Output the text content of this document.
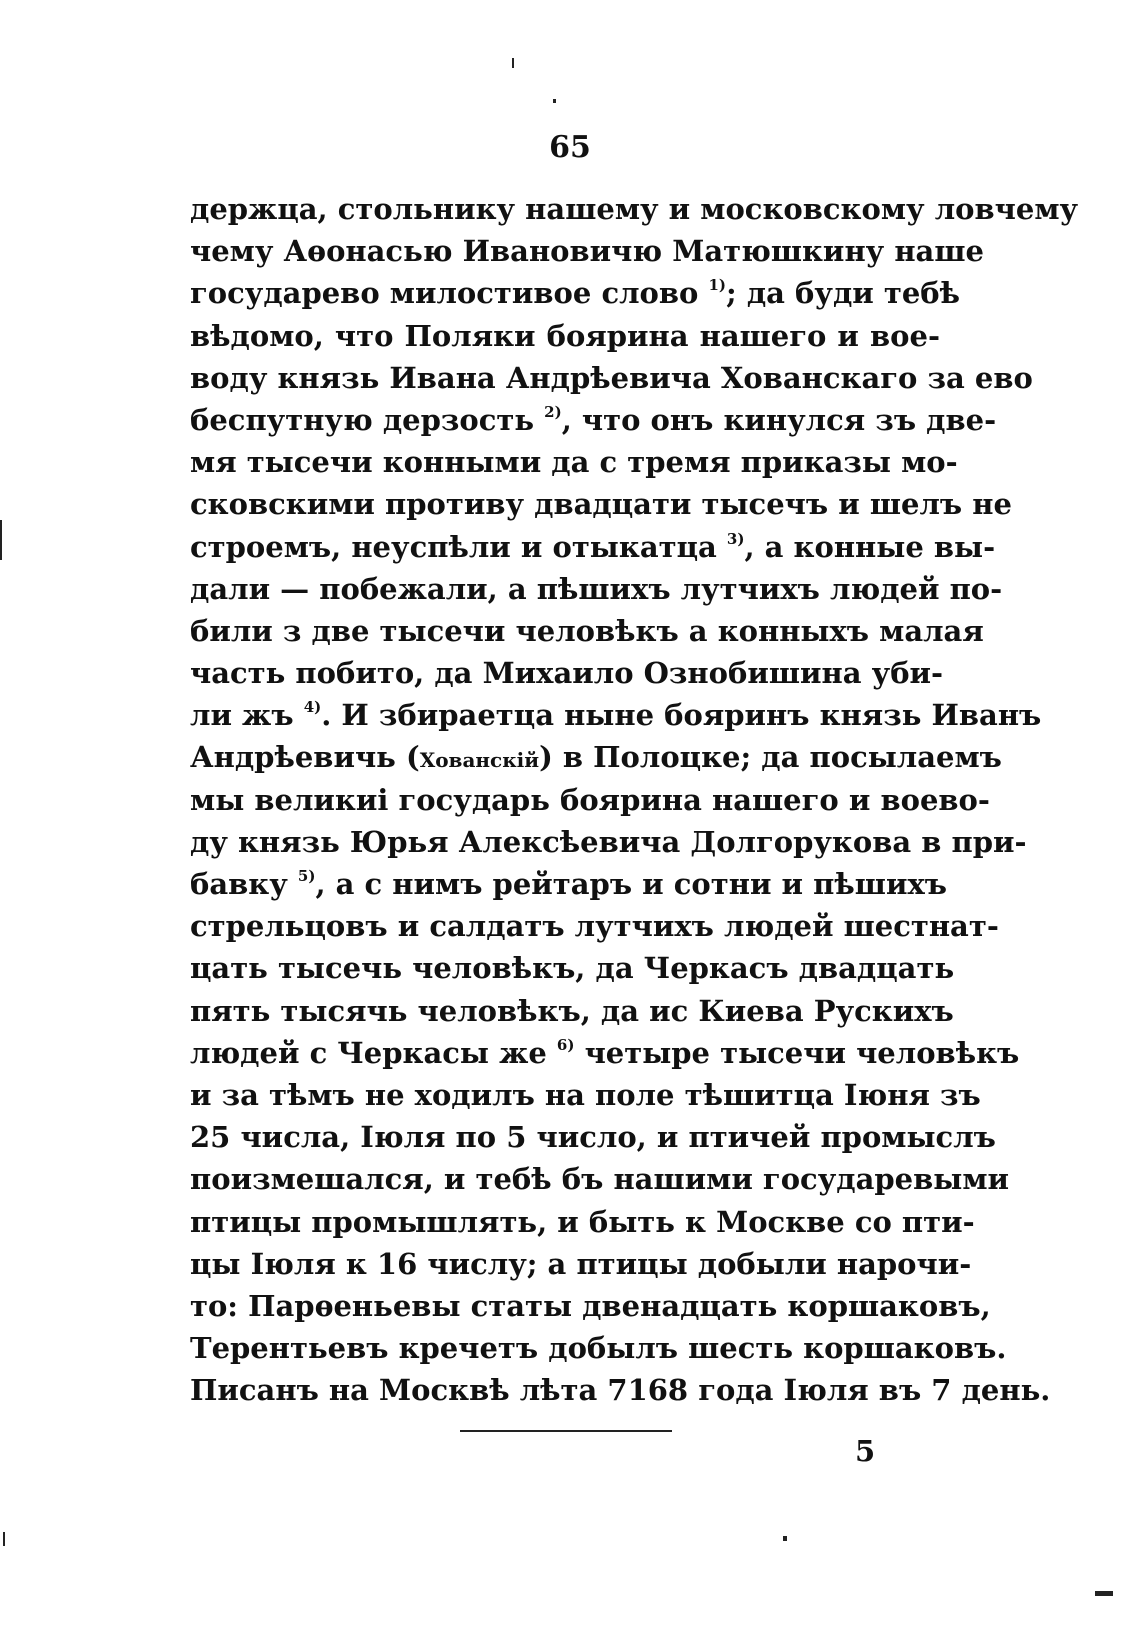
65
держца, стольнику нашему и московскому ловчему
чему Аѳонасью Ивановичю Матюшкину наше
государево милостивое слово $^{1)}$; да буди тебѣ
вѣдомо, что Поляки боярина нашего и вое-
воду князь Ивана Андрѣевича Хованскаго за ево
беспутную дерзость $^{2)}$, что онъ кинулся зъ две-
мя тысечи конными да с тремя приказы мо-
сковскими противу двадцати тысечъ и шелъ не
строемъ, неуспѣли и отыкатца $^{3)}$, а конные вы-
дали — побежали, а пѣшихъ лутчихъ людей по-
били з две тысечи человѣкъ а конныхъ малая
часть побито, да Михаило Ознобишина уби-
ли жъ $^{4)}$. И збираетца ныне бояринъ князь Иванъ
Андрѣевичь (Хованскій) в Полоцке; да посылаемъ
мы великиі государь боярина нашего и воево-
ду князь Юрья Алексѣевича Долгорукова в при-
бавку $^{5)}$, а с нимъ рейтаръ и сотни и пѣшихъ
стрельцовъ и салдатъ лутчихъ людей шестнат-
цать тысечь человѣкъ, да Черкасъ двадцать
пять тысячь человѣкъ, да ис Киева Рускихъ
людей с Черкасы же $^{6)}$ четыре тысечи человѣкъ
и за тѣмъ не ходилъ на поле тѣшитца Іюня зъ
25 числа, Іюля по 5 число, и птичей промыслъ
поизмешался, и тебѣ бъ нашими государевыми
птицы промышлять, и быть к Москве со пти-
цы Іюля к 16 числу; а птицы добыли нарочи-
то: Парѳеньевы статы двенадцать коршаковъ,
Терентьевъ кречетъ добылъ шесть коршаковъ.
Писанъ на Москвѣ лѣта 7168 года Іюля въ 7 день.
5
